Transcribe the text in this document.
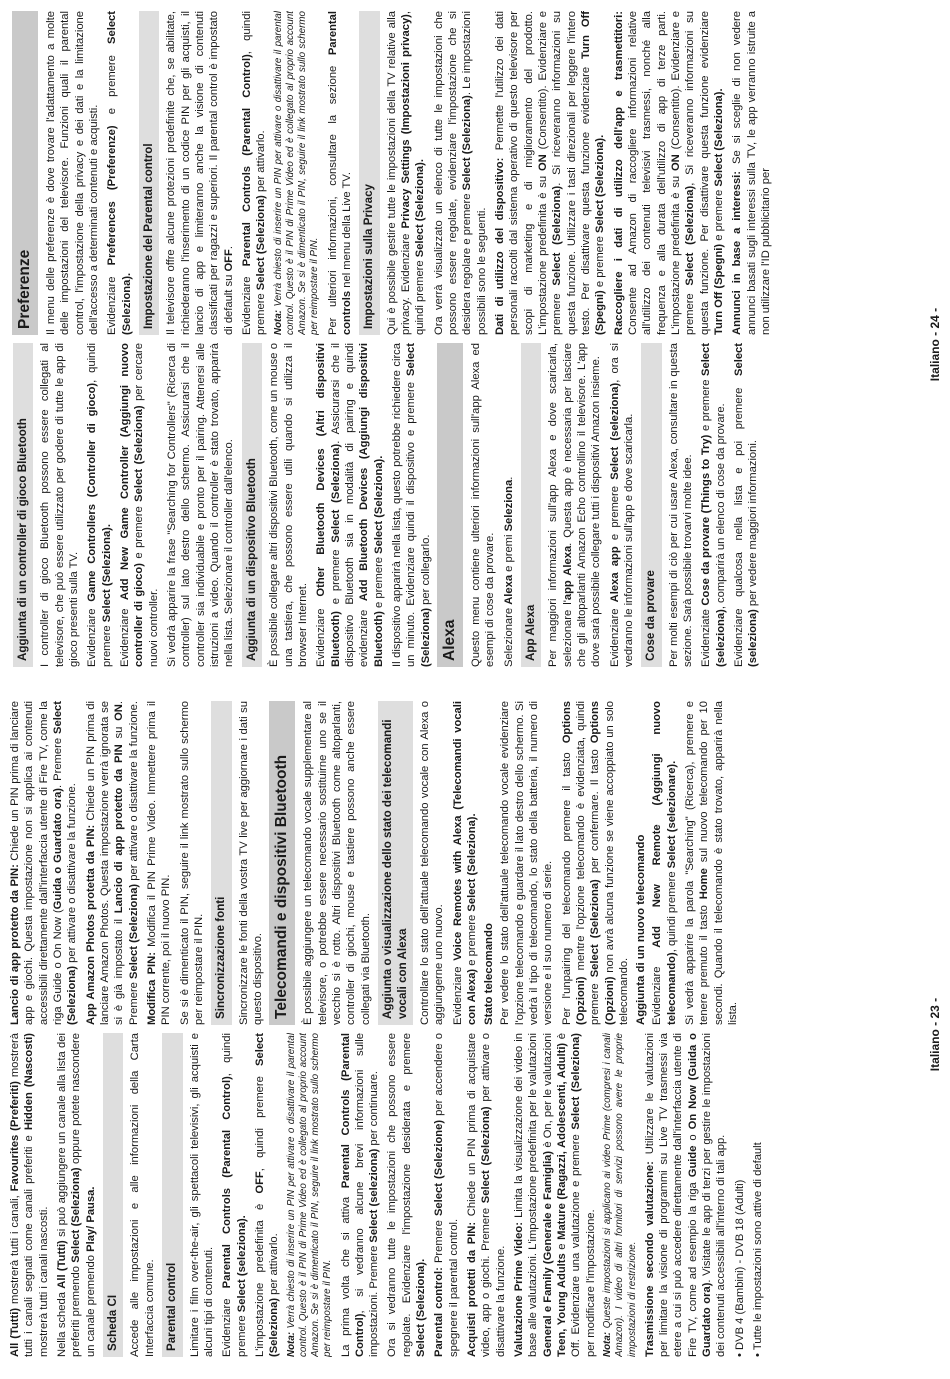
All (Tutti) mostrerà tutti i canali, Favourites (Preferiti) mostrerà tutti i canali segnati come canali preferiti e Hidden (Nascosti) mostrerà tutti i canali nascosti. Nella scheda All (Tutti) si può aggiungere un canale alla lista dei preferiti premendo Select (Seleziona) oppure potete nascondere un canale premendo Play/ Pausa.

Scheda CI Accede alle impostazioni e alle informazioni della Carta Interfaccia comune. Parental control Limitare i film over-the-air, gli spettacoli televisivi, gli acquisti e alcuni tipi di contenuti. Evidenziare Parental Controls (Parental Control), quindi premere Select (seleziona). L'impostazione predefinita è OFF, quindi premere Select (Seleziona) per attivarlo.

Nota: Verrà chiesto di inserire un PIN per attivare o disattivare il parental control. Questo è il PIN di Prime Video ed è collegato al proprio account Amazon. Se si è dimenticato il PIN, seguire il link mostrato sullo schermo per reimpostare il PIN. La prima volta che si attiva Parental Controls (Parental Control), si vedranno alcune brevi informazioni sulle impostazioni. Premere Select (selezionа) per continuare. Ora si vedranno tutte le impostazioni che possono essere regolate. Evidenziare l'impostazione desiderata e premere Select (Seleziona). Parental control: Premere Select (Selezione) per accendere o spegnere il parental control. Acquisti protetti da PIN: Chiede un PIN prima di acquistare video, app o giochi. Premere Select (Seleziona) per attivare o disattivare la funzione. Valutazione Prime Video: Limita la visualizzazione dei video in base alle valutazioni. L'impostazione predefinita per le valutazioni General e Family (Generale e Famiglia) è On, per le valutazioni Teen, Young Adults e Mature (Ragazzi, Adolescenti, Adulti) è Off. Evidenziare una valutazione e premere Select (Seleziona) per modificare l'impostazione. Nota: Queste impostazioni si applicano ai video Prime (compresi i canali Amazon). I video di altri fornitori di servizi possono avere le proprie impostazioni di restrizione. Trasmissione secondo valutazione: Utilizzare le valutazioni per limitare la visione di programmi su Live TV trasmessi via etere a cui si può accedere direttamente dall'interfaccia utente di Fire TV, come ad esempio la riga Guide o On Now (Guida o Guardato ora). Visitate le app di terzi per gestire le impostazioni dei contenuti accessibili all'interno di tali app. • DVB 4 (Bambini) - DVB 18 (Adulti) • Tutte le impostazioni sono attive di default

Lancio di app protetto da PIN: Chiede un PIN prima di lanciare app e giochi. Questa impostazione non si applica ai contenuti accessibili direttamente dall'interfaccia utente di Fire TV, come la riga Guide o On Now (Guida o Guardato ora). Premere Select (Seleziona) per attivare o disattivare la funzione. App Amazon Photos protetta da PIN: Chiede un PIN prima di lanciare Amazon Photos. Questa impostazione verrà ignorata se si è già impostato il Lancio di app protetto da PIN su ON. Premere Select (Seleziona) per attivare o disattivare la funzione.

Modifica PIN: Modifica il PIN Prime Video. Immettere prima il PIN corrente, poi il nuovo PIN. Se si è dimenticato il PIN, seguire il link mostrato sullo schermo per reimpostare il PIN. Sincronizzazione fonti Sincronizzare le fonti della vostra TV live per aggiornare i dati su questo dispositivo. Telecomandi e dispositivi Bluetooth	È possibile aggiungere un telecomando vocale supplementare al televisore, o potrebbe essere necessario sostituirne uno se il vecchio si è rotto. Altri dispositivi Bluetooth come altoparlanti, controller di giochi, mouse e tastiere possono anche essere collegati via Bluetooth. Aggiunta o visualizzazione dello stato dei telecomandi vocali con Alexa Controllare lo stato dell'attuale telecomando vocale con Alexa o aggiungerne uno nuovo. Evidenziare Voice Remotes with Alexa (Telecomandi vocali con Alexa) e premere Select (Seleziona).

Stato telecomando Per vedere lo stato dell'attuale telecomando vocale evidenziare l'opzione telecomando e guardare il lato destro dello schermo. Si vedrà il tipo di telecomando, lo stato della batteria, il numero di versione e il suo numero di serie. Per l'unpairing del telecomando premere il tasto Options (Opzioni) mentre l'opzione telecomando è evidenziata, quindi premere Select (Seleziona) per confermare. Il tasto Options (Opzioni) non avrà alcuna funzione se viene accoppiato un solo telecomando. Aggiunta di un nuovo telecomando Evidenziare Add New Remote (Aggiungi nuovo telecomando), quindi premere Select (selezionare). Si vedrà apparire la parola "Searching" (Ricerca), premere e tenere premuto il tasto Home sul nuovo telecomando per 10 secondi. Quando il telecomando è stato trovato, apparirà nella lista.	Italiano - 23 -
Aggiunta di un controller di gioco Bluetooth I controller di gioco Bluetooth possono essere collegati al televisore, che può essere utilizzato per godere di tutte le app di gioco presenti sulla TV. Evidenziare Game Controllers (Controller di gioco), quindi premere Select (Seleziona).

Evidenziare Add New Game Controller (Aggiungi nuovo controller di gioco) e premere Select (Seleziona) per cercare nuovi controller. Si vedrà apparire la frase "Searching for Controllers" (Ricerca di controller) sul lato destro dello schermo. Assicurarsi che il controller sia individuabile e pronto per il pairing. Attenersi alle istruzioni a video. Quando il controller è stato trovato, apparirà nella lista. Selezionare il controller dall'elenco. Aggiunta di un dispositivo Bluetooth È possibile collegare altri dispositivi Bluetooth, come un mouse o una tastiera, che possono essere utili quando si utilizza il browser Internet. Evidenziare Other Bluetooth Devices (Altri dispositivi Bluetooth) e premere Select (Seleziona). Assicurarsi che il dispositivo Bluetooth sia in modalità di pairing e quindi evidenziare Add Bluetooth Devices (Aggiungi dispositivi Bluetooth) e premere Select (Seleziona). Il dispositivo apparirà nella lista, questo potrebbe richiedere circa un minuto. Evidenziare quindi il dispositivo e premere Select (Seleziona) per collegarlo.

Alexa	Questo menu contiene ulteriori informazioni sull'app Alexa ed esempi di cose da provare. Selezionare Alexa e premi Seleziona.

App Alexa Per maggiori informazioni sull'app Alexa e dove scaricarla, selezionare l'app Alexa. Questa app è necessaria per lasciare che gli altoparlanti Amazon Echo controllino il televisore. L'app dove sarà possibile collegare tutti i dispositivi Amazon insieme. Evidenziare Alexa app e premere Select (selezionа), ora si vedranno le informazioni sull'app e dove scaricarla. Cose da provare Per molti esempi di ciò per cui usare Alexa, consultare in questa sezione. Sarà possibile trovarvi molte idee. Evidenziate Cose da provare (Things to Try) e premere Select (seleziona), comparirà un elenco di cose da provare. Evidenziare qualcosa nella lista e poi premere Select (seleziona) per vedere maggiori informazioni.

Preferenze	Il menu delle preferenze è dove trovare l'adattamento a molte delle impostazioni del televisore. Funzioni quali il parental control, l'impostazione della privacy e dei dati e la limitazione dell'accesso a determinati contenuti e acquisti. Evidenziare Preferences (Preferenze) e premere Select (Seleziona). Impostazione del Parental control Il televisore offre alcune protezioni predefinite che, se abilitate, richiederanno l'inserimento di un codice PIN per gli acquisti, il lancio di app e limiteranno anche la visione di contenuti classificati per ragazzi e superiori. Il parental control è impostato di default su OFF.

Evidenziare Parental Controls (Parental Control), quindi premere Select (Seleziona) per attivarlo.

Nota: Verrà chiesto di inserire un PIN per attivare o disattivare il parental control. Questo è il PIN di Prime Video ed è collegato al proprio account Amazon. Se si è dimenticato il PIN, seguire il link mostrato sullo schermo per reimpostare il PIN. Per ulteriori informazioni, consultare la sezione Parental controls nel menu della Live TV. Impostazioni sulla Privacy Qui è possibile gestire tutte le impostazioni della TV relative alla privacy. Evidenziare Privacy Settings (Impostazioni privacy), quindi premere Select (Seleziona). Ora verrà visualizzato un elenco di tutte le impostazioni che possono essere regolate, evidenziare l'impostazione che si desidera regolare e premere Select (Seleziona). Le impostazioni possibili sono le seguenti. Dati di utilizzo del dispositivo: Permette l'utilizzo dei dati personali raccolti dal sistema operativo di questo televisore per scopi di marketing e di miglioramento del prodotto. L'impostazione predefinita è su ON (Consentito). Evidenziare e premere Select (Seleziona). Si riceveranno informazioni su questa funzione. Utilizzare i tasti direzionali per leggere l'intero testo. Per disattivare questa funzione evidenziare Turn Off (Spegni) e premere Select (Seleziona). Raccogliere i dati di utilizzo dell'app e trasmettitori: Consente ad Amazon di raccogliere informazioni relative all'utilizzo dei contenuti televisivi trasmessi, nonché alla frequenza e alla durata dell'utilizzo di app di terze parti. L'impostazione predefinita è su ON (Consentito). Evidenziare e premere Select (Seleziona), Si riceveranno informazioni su questa funzione. Per disattivare questa funzione evidenziare Turn Off (Spegni) e premere Select (Seleziona).

Annunci in base a interessi: Se si sceglie di non vedere annunci basati sugli interessi sulla TV, le app verranno istruite a non utilizzare l'ID pubblicitario per

Italiano - 24 -
